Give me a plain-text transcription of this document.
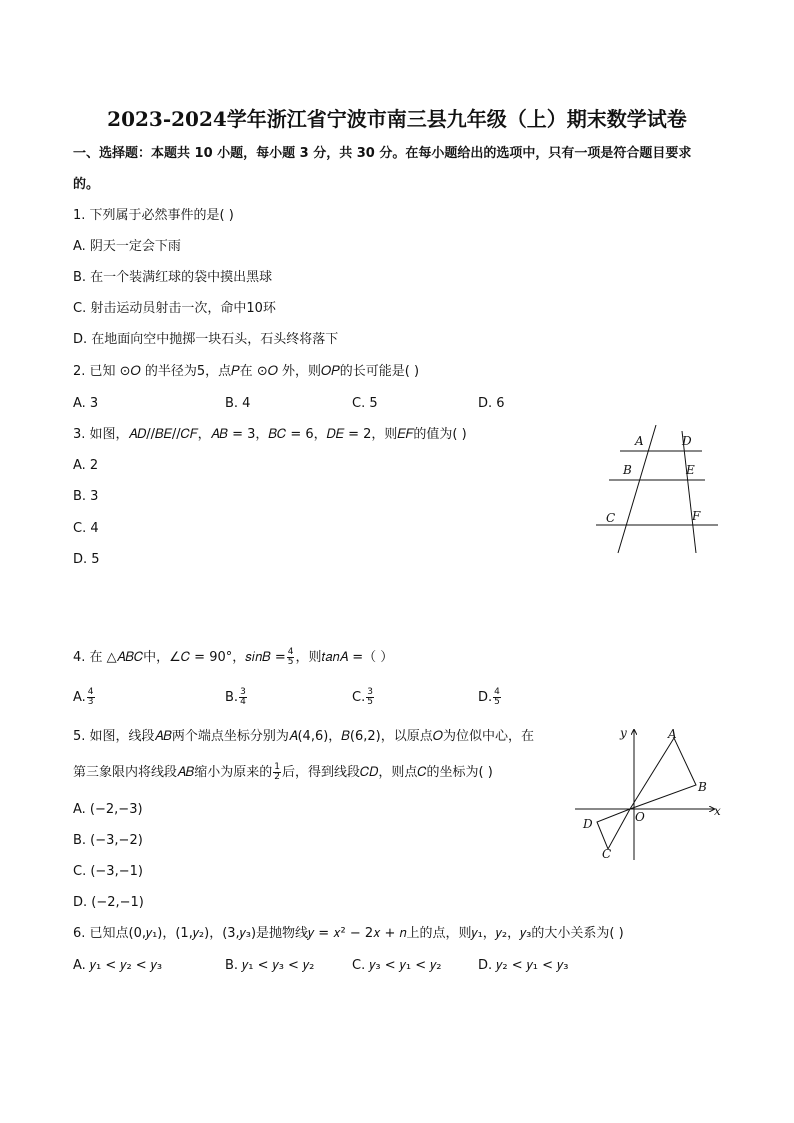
2023-2024学年浙江省宁波市南三县九年级（上）期末数学试卷
一、选择题：本题共 10 小题，每小题 3 分，共 30 分。在每小题给出的选项中，只有一项是符合题目要求
的。
1. 下列属于必然事件的是( )
A. 阴天一定会下雨
B. 在一个装满红球的袋中摸出黑球
C. 射击运动员射击一次，命中10环
D. 在地面向空中抛掷一块石头，石头终将落下
2. 已知 ⊙𝑂 的半径为5，点𝑃在 ⊙𝑂 外，则𝑂𝑃的长可能是( )
A. 3	B. 4	C. 5	D. 6
3. 如图，𝐴𝐷//𝐵𝐸//𝐶𝐹，𝐴𝐵 = 3，𝐵𝐶 = 6，𝐷𝐸 = 2，则𝐸𝐹的值为( )
A. 2
B. 3
C. 4
D. 5
A	D
B	E
C	F
4. 在 △𝐴𝐵𝐶中，∠𝐶 = 90°，𝑠𝑖𝑛𝐵 = $\frac{4}{5}$ ，则𝑡𝑎𝑛𝐴 =（ ）
A. $\frac{4}{3}$	B. $\frac{3}{4}$	C. $\frac{3}{5}$	D. $\frac{4}{5}$
5. 如图，线段𝐴𝐵两个端点坐标分别为𝐴(4,6)，𝐵(6,2)，以原点𝑂为位似中心，在
第三象限内将线段𝐴𝐵缩小为原来的 $\frac{1}{2}$ 后，得到线段𝐶𝐷，则点𝐶的坐标为( )
A. (−2,−3)
B. (−3,−2)
C. (−3,−1)
D. (−2,−1)
y	A
B
x
O
D
C
6. 已知点(0,𝑦₁)，(1,𝑦₂)，(3,𝑦₃)是抛物线𝑦 = 𝑥² − 2𝑥 + 𝑛上的点，则𝑦₁，𝑦₂，𝑦₃的大小关系为( )
A. 𝑦₁ < 𝑦₂ < 𝑦₃	B. 𝑦₁ < 𝑦₃ < 𝑦₂	C. 𝑦₃ < 𝑦₁ < 𝑦₂	D. 𝑦₂ < 𝑦₁ < 𝑦₃
